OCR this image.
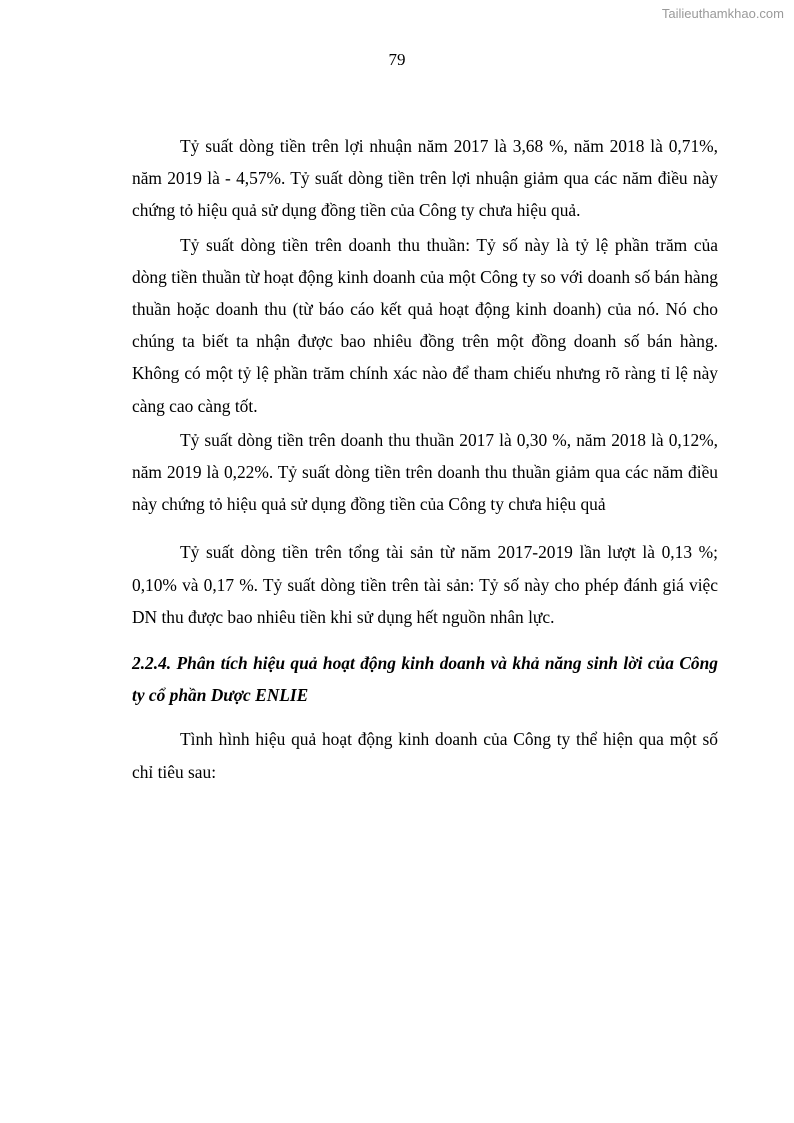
Tailieuthamkhao.com
79

Tỷ suất dòng tiền trên lợi nhuận năm 2017 là 3,68 %, năm 2018 là 0,71%, năm 2019 là - 4,57%. Tỷ suất dòng tiền trên lợi nhuận giảm qua các năm điều này chứng tỏ hiệu quả sử dụng đồng tiền của Công ty chưa hiệu quả.

Tỷ suất dòng tiền trên doanh thu thuần: Tỷ số này là tỷ lệ phần trăm của dòng tiền thuần từ hoạt động kinh doanh của một Công ty so với doanh số bán hàng thuần hoặc doanh thu (từ báo cáo kết quả hoạt động kinh doanh) của nó. Nó cho chúng ta biết ta nhận được bao nhiêu đồng trên một đồng doanh số bán hàng. Không có một tỷ lệ phần trăm chính xác nào để tham chiếu nhưng rõ ràng tỉ lệ này càng cao càng tốt.

Tỷ suất dòng tiền trên doanh thu thuần 2017 là 0,30 %, năm 2018 là 0,12%, năm 2019 là 0,22%. Tỷ suất dòng tiền trên doanh thu thuần giảm qua các năm điều này chứng tỏ hiệu quả sử dụng đồng tiền của Công ty chưa hiệu quả

Tỷ suất dòng tiền trên tổng tài sản từ năm 2017-2019 lần lượt là 0,13 %; 0,10% và 0,17 %. Tỷ suất dòng tiền trên tài sản: Tỷ số này cho phép đánh giá việc DN thu được bao nhiêu tiền khi sử dụng hết nguồn nhân lực.

2.2.4. Phân tích hiệu quả hoạt động kinh doanh và khả năng sinh lời của Công ty cổ phần Dược ENLIE

Tình hình hiệu quả hoạt động kinh doanh của Công ty thể hiện qua một số chỉ tiêu sau:
